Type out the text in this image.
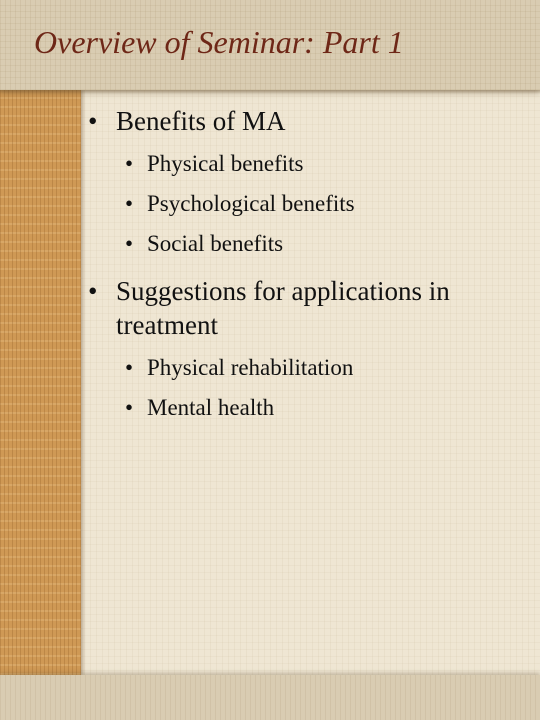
Overview of Seminar: Part 1

• Benefits of MA

• Physical benefits
• Psychological benefits
• Social benefits

• Suggestions for applications in treatment

• Physical rehabilitation
• Mental health
